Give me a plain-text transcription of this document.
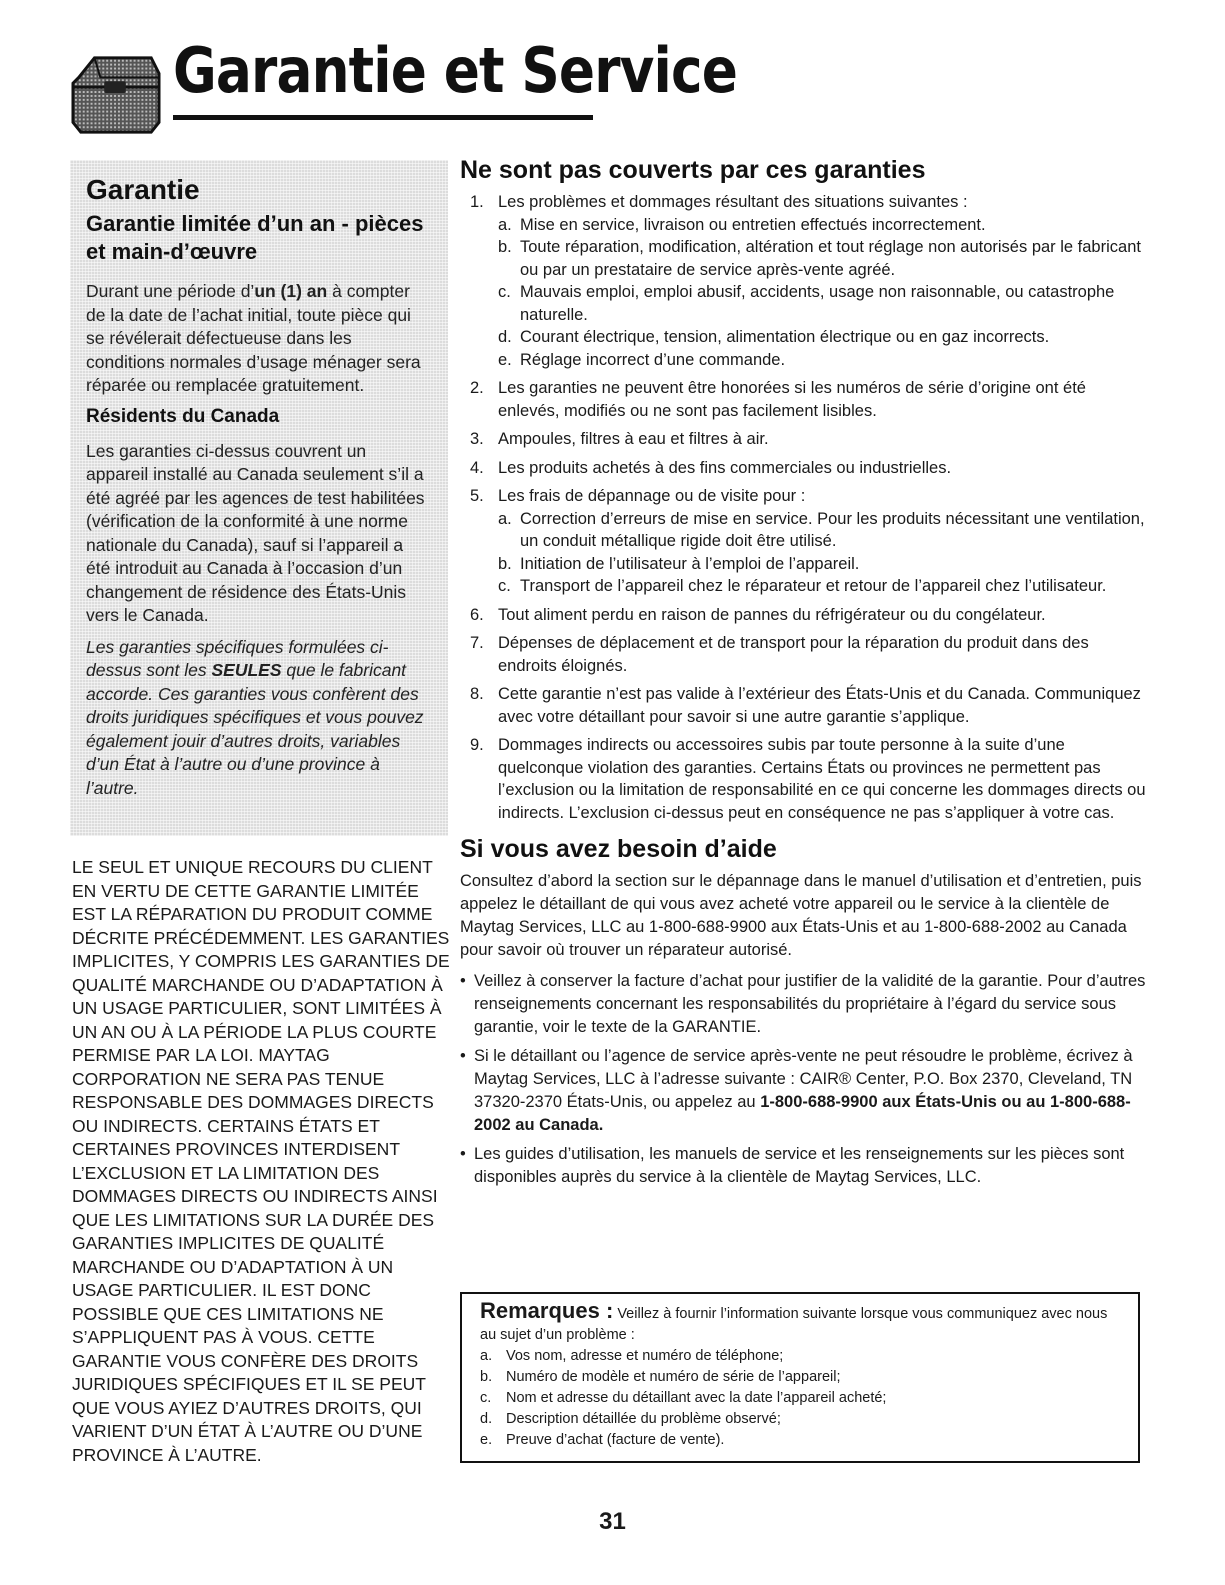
Garantie et Service
Garantie
Garantie limitée d’un an - pièces et main-d’œuvre

Durant une période d’un (1) an à compter de la date de l’achat initial, toute pièce qui se révélerait défectueuse dans les conditions normales d’usage ménager sera réparée ou remplacée gratuitement.

Résidents du Canada

Les garanties ci-dessus couvrent un appareil installé au Canada seulement s’il a été agréé par les agences de test habilitées (vérification de la conformité à une norme nationale du Canada), sauf si l’appareil a été introduit au Canada à l’occasion d’un changement de résidence des États-Unis vers le Canada.

Les garanties spécifiques formulées ci-dessus sont les SEULES que le fabricant accorde. Ces garanties vous confèrent des droits juridiques spécifiques et vous pouvez également jouir d’autres droits, variables d’un État à l’autre ou d’une province à l’autre.

LE SEUL ET UNIQUE RECOURS DU CLIENT EN VERTU DE CETTE GARANTIE LIMITÉE EST LA RÉPARATION DU PRODUIT COMME DÉCRITE PRÉCÉDEMMENT. LES GARANTIES IMPLICITES, Y COMPRIS LES GARANTIES DE QUALITÉ MARCHANDE OU D’ADAPTATION À UN USAGE PARTICULIER, SONT LIMITÉES À UN AN OU À LA PÉRIODE LA PLUS COURTE PERMISE PAR LA LOI. MAYTAG CORPORATION NE SERA PAS TENUE RESPONSABLE DES DOMMAGES DIRECTS OU INDIRECTS. CERTAINS ÉTATS ET CERTAINES PROVINCES INTERDISENT L’EXCLUSION ET LA LIMITATION DES DOMMAGES DIRECTS OU INDIRECTS AINSI QUE LES LIMITATIONS SUR LA DURÉE DES GARANTIES IMPLICITES DE QUALITÉ MARCHANDE OU D’ADAPTATION À UN USAGE PARTICULIER. IL EST DONC POSSIBLE QUE CES LIMITATIONS NE S’APPLIQUENT PAS À VOUS. CETTE GARANTIE VOUS CONFÈRE DES DROITS JURIDIQUES SPÉCIFIQUES ET IL SE PEUT QUE VOUS AYIEZ D’AUTRES DROITS, QUI VARIENT D’UN ÉTAT À L’AUTRE OU D’UNE PROVINCE À L’AUTRE.
Ne sont pas couverts par ces garanties
1. Les problèmes et dommages résultant des situations suivantes :
a. Mise en service, livraison ou entretien effectués incorrectement.
b. Toute réparation, modification, altération et tout réglage non autorisés par le fabricant ou par un prestataire de service après-vente agréé.
c. Mauvais emploi, emploi abusif, accidents, usage non raisonnable, ou catastrophe naturelle.
d. Courant électrique, tension, alimentation électrique ou en gaz incorrects.
e. Réglage incorrect d’une commande.
2. Les garanties ne peuvent être honorées si les numéros de série d’origine ont été enlevés, modifiés ou ne sont pas facilement lisibles.
3. Ampoules, filtres à eau et filtres à air.
4. Les produits achetés à des fins commerciales ou industrielles.
5. Les frais de dépannage ou de visite pour :
a. Correction d’erreurs de mise en service. Pour les produits nécessitant une ventilation, un conduit métallique rigide doit être utilisé.
b. Initiation de l’utilisateur à l’emploi de l’appareil.
c. Transport de l’appareil chez le réparateur et retour de l’appareil chez l’utilisateur.
6. Tout aliment perdu en raison de pannes du réfrigérateur ou du congélateur.
7. Dépenses de déplacement et de transport pour la réparation du produit dans des endroits éloignés.
8. Cette garantie n’est pas valide à l’extérieur des États-Unis et du Canada. Communiquez avec votre détaillant pour savoir si une autre garantie s’applique.
9. Dommages indirects ou accessoires subis par toute personne à la suite d’une quelconque violation des garanties. Certains États ou provinces ne permettent pas l’exclusion ou la limitation de responsabilité en ce qui concerne les dommages directs ou indirects. L’exclusion ci-dessus peut en conséquence ne pas s’appliquer à votre cas.
Si vous avez besoin d’aide

Consultez d’abord la section sur le dépannage dans le manuel d’utilisation et d’entretien, puis appelez le détaillant de qui vous avez acheté votre appareil ou le service à la clientèle de Maytag Services, LLC au 1-800-688-9900 aux États-Unis et au 1-800-688-2002 au Canada pour savoir où trouver un réparateur autorisé.

• Veillez à conserver la facture d’achat pour justifier de la validité de la garantie. Pour d’autres renseignements concernant les responsabilités du propriétaire à l’égard du service sous garantie, voir le texte de la GARANTIE.
• Si le détaillant ou l’agence de service après-vente ne peut résoudre le problème, écrivez à Maytag Services, LLC à l’adresse suivante : CAIR® Center, P.O. Box 2370, Cleveland, TN 37320-2370 États-Unis, ou appelez au 1-800-688-9900 aux États-Unis ou au 1-800-688-2002 au Canada.
• Les guides d’utilisation, les manuels de service et les renseignements sur les pièces sont disponibles auprès du service à la clientèle de Maytag Services, LLC.
Remarques : Veillez à fournir l’information suivante lorsque vous communiquez avec nous au sujet d’un problème :
a. Vos nom, adresse et numéro de téléphone;
b. Numéro de modèle et numéro de série de l’appareil;
c. Nom et adresse du détaillant avec la date l’appareil acheté;
d. Description détaillée du problème observé;
e. Preuve d’achat (facture de vente).
31
